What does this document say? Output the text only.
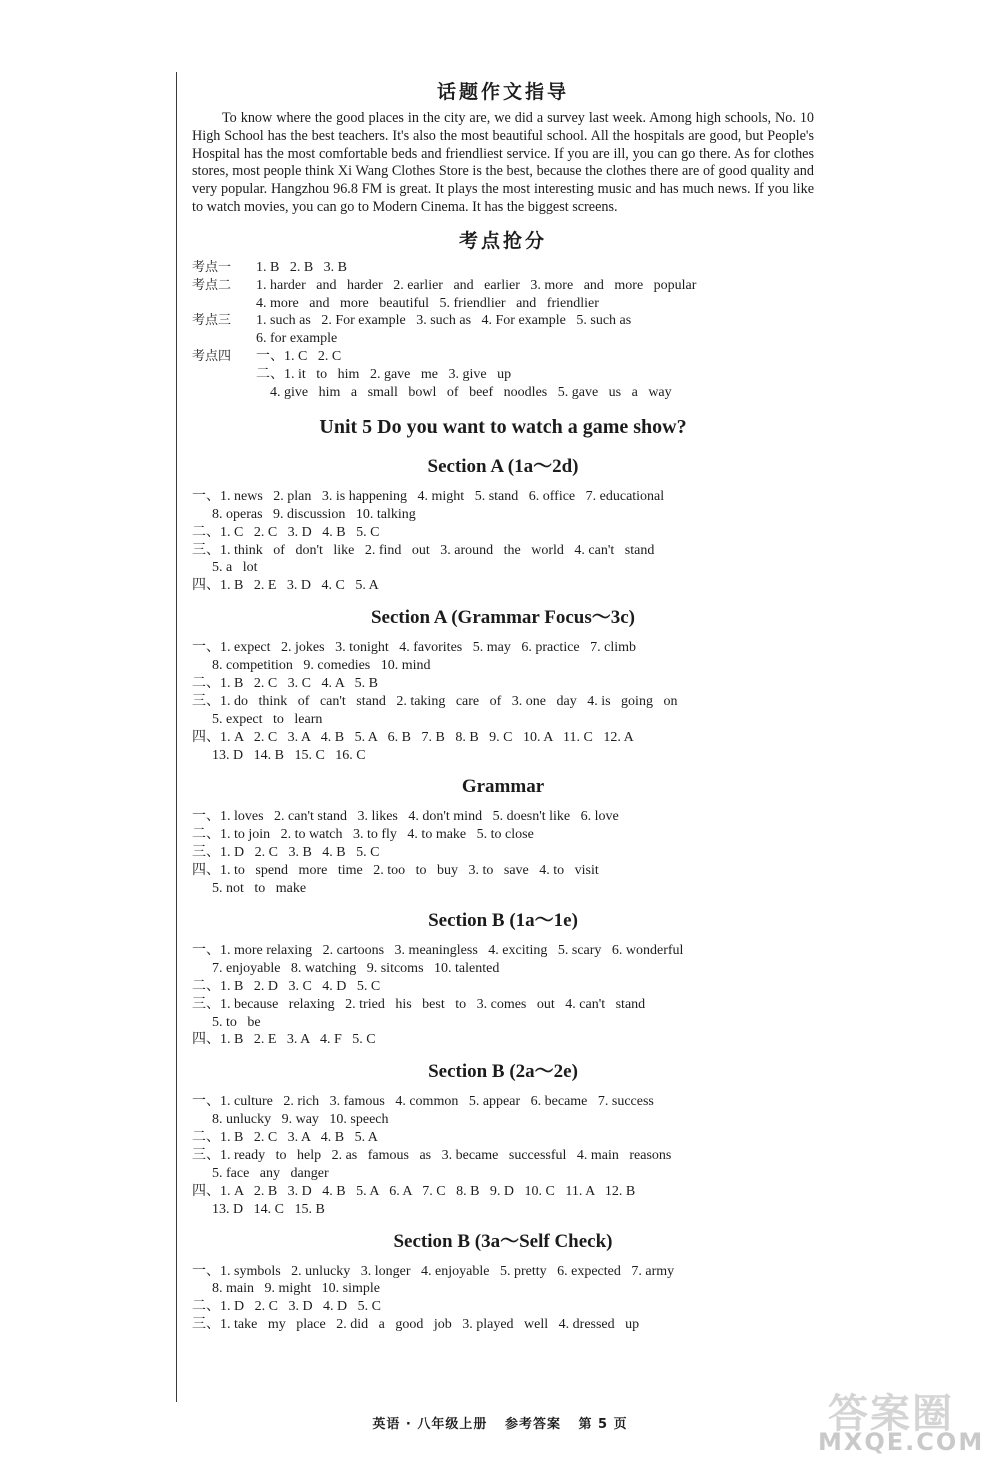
话题作文指导
To know where the good places in the city are, we did a survey last week. Among high schools, No. 10 High School has the best teachers. It's also the most beautiful school. All the hospitals are good, but People's Hospital has the most comfortable beds and friendliest service. If you are ill, you can go there. As for clothes stores, most people think Xi Wang Clothes Store is the best, because the clothes there are of good quality and very popular. Hangzhou 96.8 FM is great. It plays the most interesting music and has much news. If you like to watch movies, you can go to Modern Cinema. It has the biggest screens.
考点抢分
考点一 1. B   2. B   3. B
考点二 1. harder   and   harder   2. earlier   and   earlier   3. more   and   more   popular
4. more   and   more   beautiful   5. friendlier   and   friendlier
考点三 1. such as   2. For example   3. such as   4. For example   5. such as
6. for example
考点四 一、1. C   2. C
二、1. it   to   him   2. gave   me   3. give   up
4. give   him   a   small   bowl   of   beef   noodles   5. gave   us   a   way
Unit 5 Do you want to watch a game show?
Section A (1a～2d)
一、1. news   2. plan   3. is happening   4. might   5. stand   6. office   7. educational
8. operas   9. discussion   10. talking
二、1. C   2. C   3. D   4. B   5. C
三、1. think   of   don't   like   2. find   out   3. around   the   world   4. can't   stand
5. a   lot
四、1. B   2. E   3. D   4. C   5. A
Section A (Grammar Focus～3c)
一、1. expect   2. jokes   3. tonight   4. favorites   5. may   6. practice   7. climb
8. competition   9. comedies   10. mind
二、1. B   2. C   3. C   4. A   5. B
三、1. do   think   of   can't   stand   2. taking   care   of   3. one   day   4. is   going   on
5. expect   to   learn
四、1. A   2. C   3. A   4. B   5. A   6. B   7. B   8. B   9. C   10. A   11. C   12. A
13. D   14. B   15. C   16. C
Grammar
一、1. loves   2. can't stand   3. likes   4. don't mind   5. doesn't like   6. love
二、1. to join   2. to watch   3. to fly   4. to make   5. to close
三、1. D   2. C   3. B   4. B   5. C
四、1. to   spend   more   time   2. too   to   buy   3. to   save   4. to   visit
5. not   to   make
Section B (1a～1e)
一、1. more relaxing   2. cartoons   3. meaningless   4. exciting   5. scary   6. wonderful
7. enjoyable   8. watching   9. sitcoms   10. talented
二、1. B   2. D   3. C   4. D   5. C
三、1. because   relaxing   2. tried   his   best   to   3. comes   out   4. can't   stand
5. to   be
四、1. B   2. E   3. A   4. F   5. C
Section B (2a～2e)
一、1. culture   2. rich   3. famous   4. common   5. appear   6. became   7. success
8. unlucky   9. way   10. speech
二、1. B   2. C   3. A   4. B   5. A
三、1. ready   to   help   2. as   famous   as   3. became   successful   4. main   reasons
5. face   any   danger
四、1. A   2. B   3. D   4. B   5. A   6. A   7. C   8. B   9. D   10. C   11. A   12. B
13. D   14. C   15. B
Section B (3a～Self Check)
一、1. symbols   2. unlucky   3. longer   4. enjoyable   5. pretty   6. expected   7. army
8. main   9. might   10. simple
二、1. D   2. C   3. D   4. D   5. C
三、1. take   my   place   2. did   a   good   job   3. played   well   4. dressed   up
英语 · 八年级上册 参考答案 第 5 页	答案圈
MXQE.COM
